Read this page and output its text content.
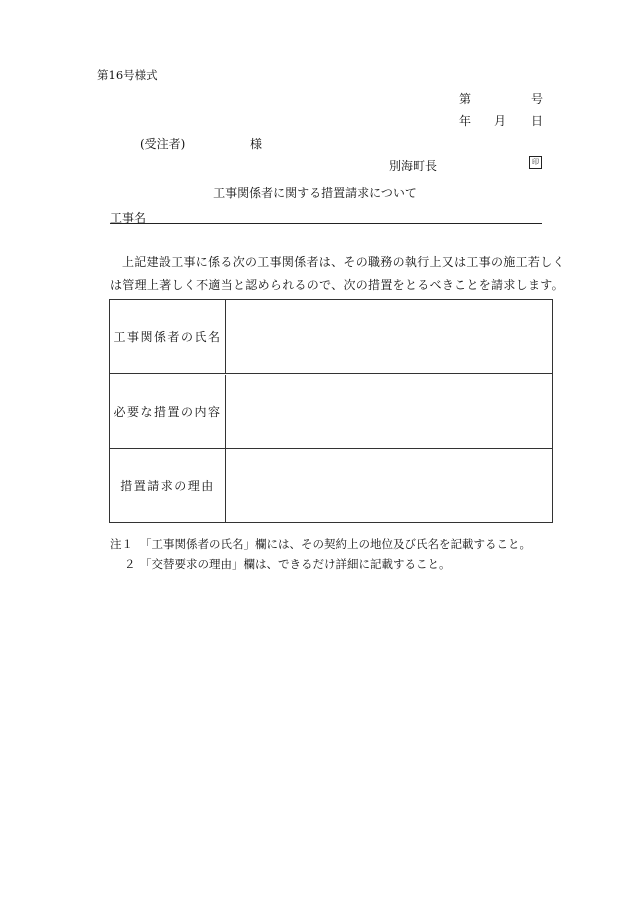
第16号様式
第	号
年 月 日
(受注者)	様
別海町長	印
工事関係者に関する措置請求について
工事名
上記建設工事に係る次の工事関係者は、その職務の執行上又は工事の施工若しくは管理上著しく不適当と認められるので、次の措置をとるべきことを請求します。
工事関係者の氏名
必要な措置の内容
措置請求の理由
注１ 「工事関係者の氏名」欄には、その契約上の地位及び氏名を記載すること。
２ 「交替要求の理由」欄は、できるだけ詳細に記載すること。
